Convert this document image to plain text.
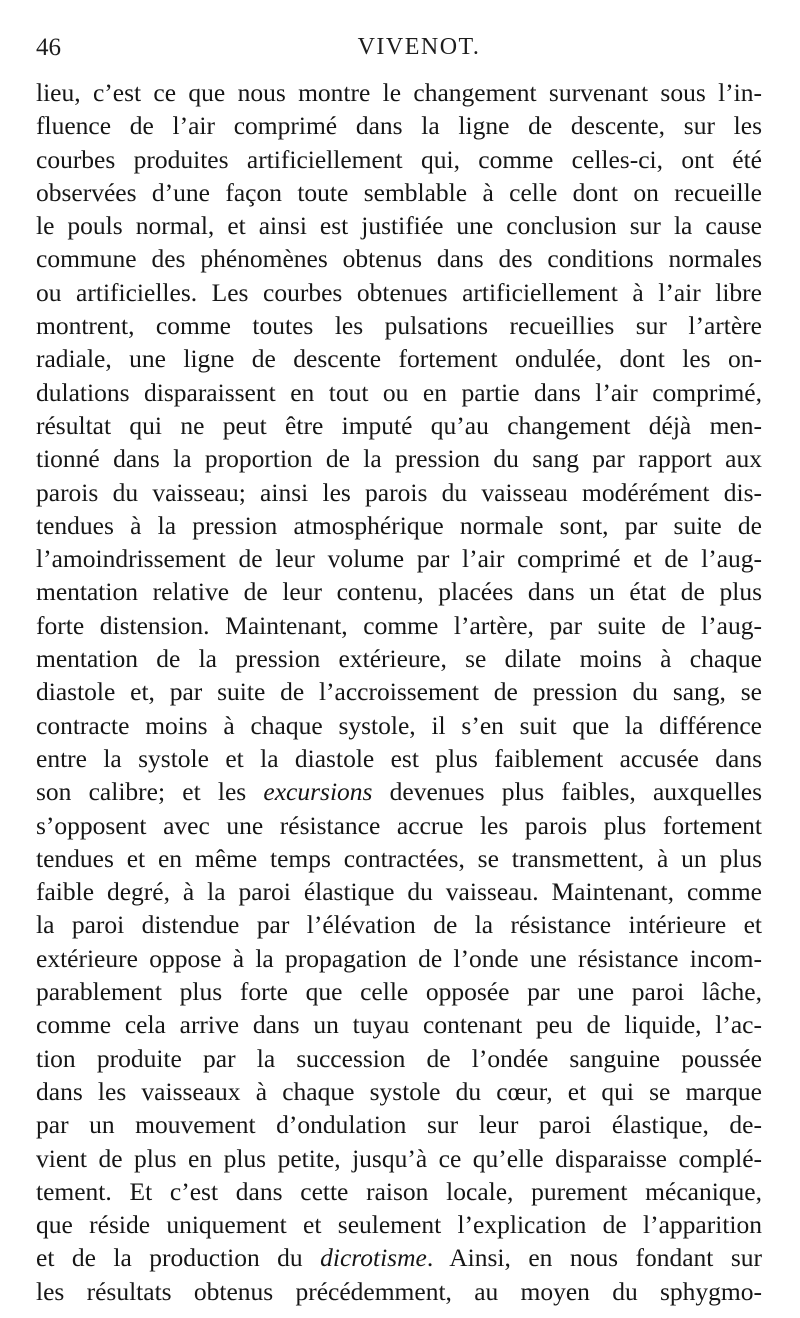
46	VIVENOT.
lieu, c’est ce que nous montre le changement survenant sous l’in-
fluence de l’air comprimé dans la ligne de descente, sur les
courbes produites artificiellement qui, comme celles-ci, ont été
observées d’une façon toute semblable à celle dont on recueille
le pouls normal, et ainsi est justifiée une conclusion sur la cause
commune des phénomènes obtenus dans des conditions normales
ou artificielles. Les courbes obtenues artificiellement à l’air libre
montrent, comme toutes les pulsations recueillies sur l’artère
radiale, une ligne de descente fortement ondulée, dont les on-
dulations disparaissent en tout ou en partie dans l’air comprimé,
résultat qui ne peut être imputé qu’au changement déjà men-
tionné dans la proportion de la pression du sang par rapport aux
parois du vaisseau; ainsi les parois du vaisseau modérément dis-
tendues à la pression atmosphérique normale sont, par suite de
l’amoindrissement de leur volume par l’air comprimé et de l’aug-
mentation relative de leur contenu, placées dans un état de plus
forte distension. Maintenant, comme l’artère, par suite de l’aug-
mentation de la pression extérieure, se dilate moins à chaque
diastole et, par suite de l’accroissement de pression du sang, se
contracte moins à chaque systole, il s’en suit que la différence
entre la systole et la diastole est plus faiblement accusée dans
son calibre; et les excursions devenues plus faibles, auxquelles
s’opposent avec une résistance accrue les parois plus fortement
tendues et en même temps contractées, se transmettent, à un plus
faible degré, à la paroi élastique du vaisseau. Maintenant, comme
la paroi distendue par l’élévation de la résistance intérieure et
extérieure oppose à la propagation de l’onde une résistance incom-
parablement plus forte que celle opposée par une paroi lâche,
comme cela arrive dans un tuyau contenant peu de liquide, l’ac-
tion produite par la succession de l’ondée sanguine poussée
dans les vaisseaux à chaque systole du cœur, et qui se marque
par un mouvement d’ondulation sur leur paroi élastique, de-
vient de plus en plus petite, jusqu’à ce qu’elle disparaisse complé-
tement. Et c’est dans cette raison locale, purement mécanique,
que réside uniquement et seulement l’explication de l’apparition
et de la production du dicrotisme. Ainsi, en nous fondant sur
les résultats obtenus précédemment, au moyen du sphygmo-
